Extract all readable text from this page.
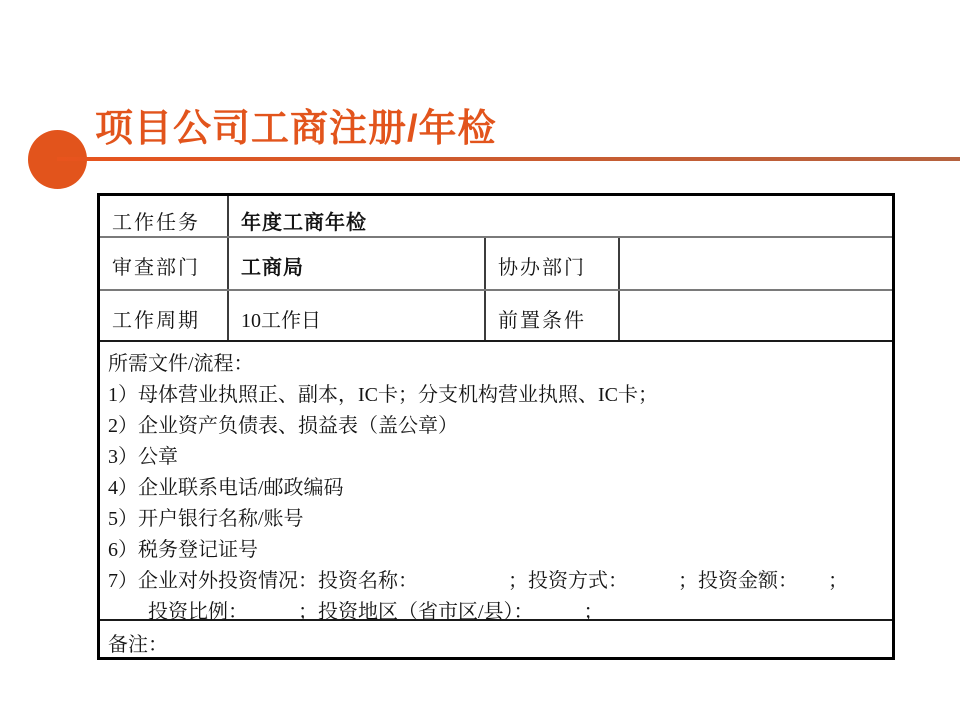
项目公司工商注册/年检
工作任务	年度工商年检
审查部门	工商局	协办部门
工作周期	10工作日	前置条件
所需文件/流程：
1）母体营业执照正、副本，IC卡；分支机构营业执照、IC卡；
2）企业资产负债表、损益表（盖公章）
3）公章
4）企业联系电话/邮政编码
5）开户银行名称/账号
6）税务登记证号
7）企业对外投资情况：投资名称：　　　　　；投资方式：　　　；投资金额：　　；
　　投资比例：　　　；投资地区（省市区/县）：　　　；
备注：
